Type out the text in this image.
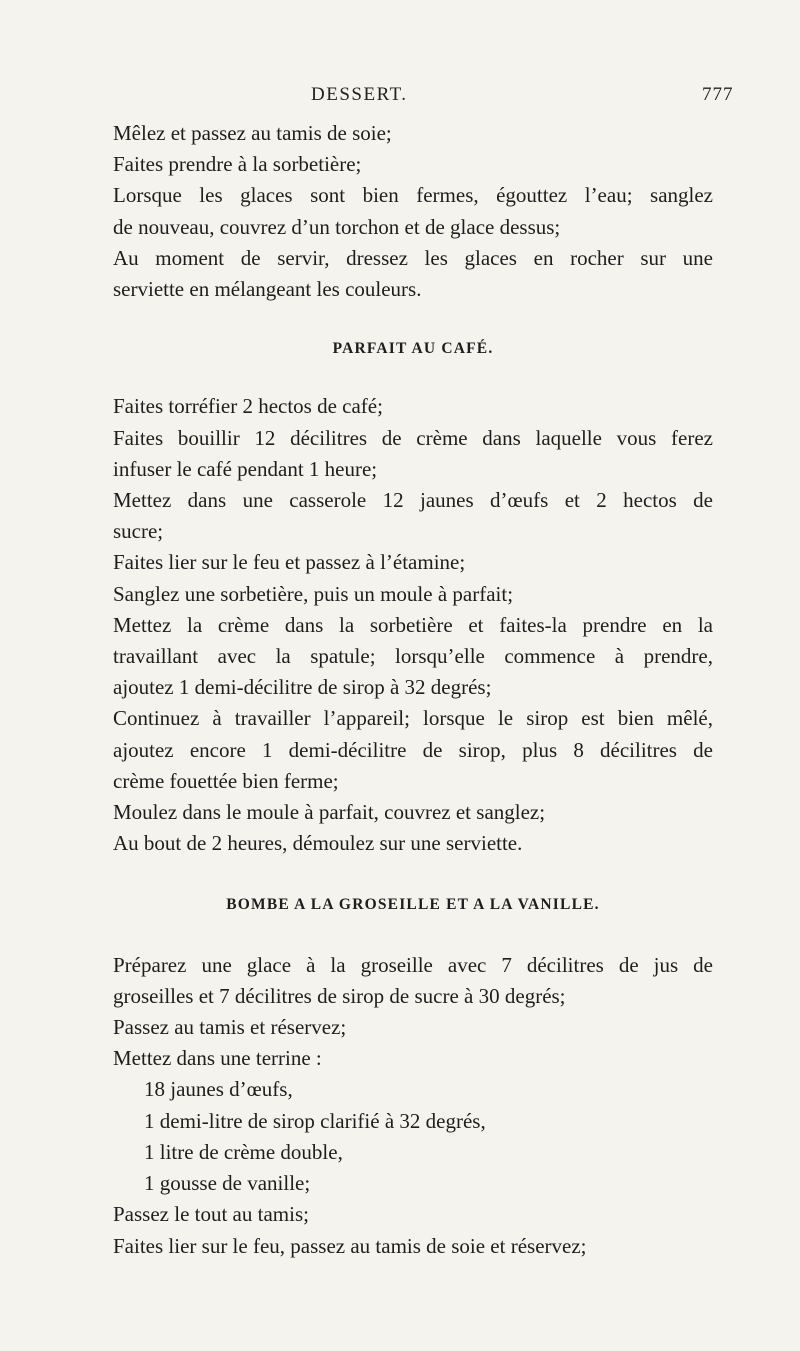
DESSERT.	777
Mêlez et passez au tamis de soie;
Faites prendre à la sorbetière;
Lorsque les glaces sont bien fermes, égouttez l’eau; sanglez
de nouveau, couvrez d’un torchon et de glace dessus;
Au moment de servir, dressez les glaces en rocher sur une
serviette en mélangeant les couleurs.
PARFAIT AU CAFÉ.
Faites torréfier 2 hectos de café;
Faites bouillir 12 décilitres de crème dans laquelle vous ferez
infuser le café pendant 1 heure;
Mettez dans une casserole 12 jaunes d’œufs et 2 hectos de
sucre;
Faites lier sur le feu et passez à l’étamine;
Sanglez une sorbetière, puis un moule à parfait;
Mettez la crème dans la sorbetière et faites-la prendre en la
travaillant avec la spatule; lorsqu’elle commence à prendre,
ajoutez 1 demi-décilitre de sirop à 32 degrés;
Continuez à travailler l’appareil; lorsque le sirop est bien mêlé,
ajoutez encore 1 demi-décilitre de sirop, plus 8 décilitres de
crème fouettée bien ferme;
Moulez dans le moule à parfait, couvrez et sanglez;
Au bout de 2 heures, démoulez sur une serviette.
BOMBE A LA GROSEILLE ET A LA VANILLE.
Préparez une glace à la groseille avec 7 décilitres de jus de
groseilles et 7 décilitres de sirop de sucre à 30 degrés;
Passez au tamis et réservez;
Mettez dans une terrine :
18 jaunes d’œufs,
1 demi-litre de sirop clarifié à 32 degrés,
1 litre de crème double,
1 gousse de vanille;
Passez le tout au tamis;
Faites lier sur le feu, passez au tamis de soie et réservez;
